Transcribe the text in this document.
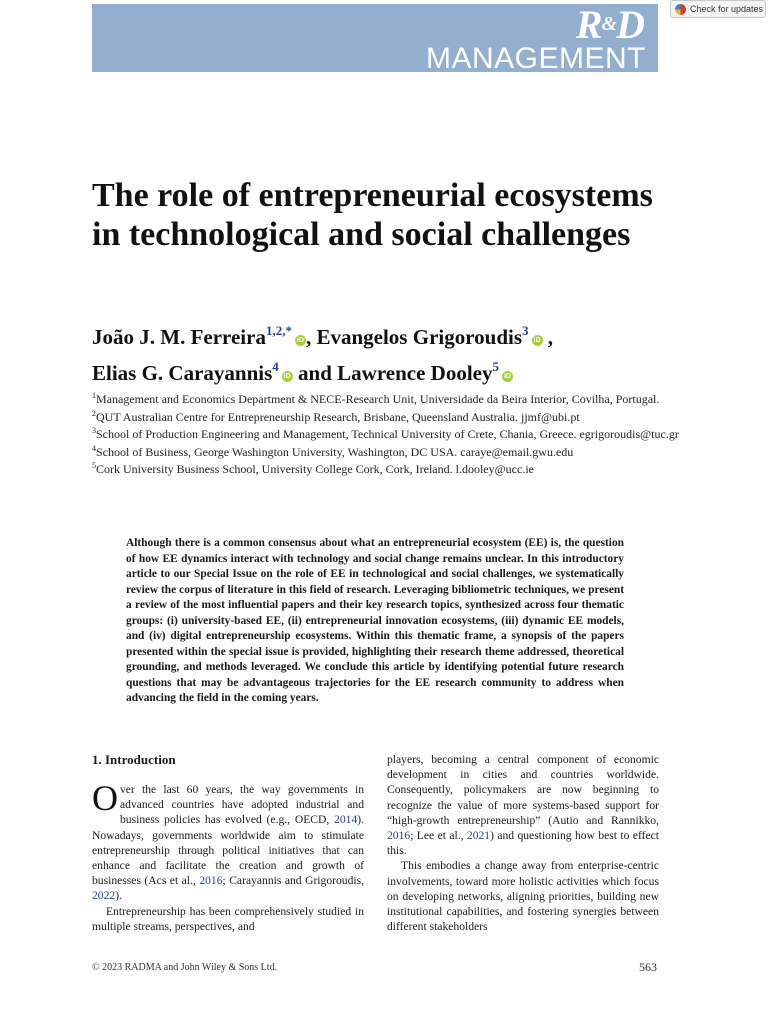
R&D
MANAGEMENT
Check for updates
The role of entrepreneurial ecosystems in technological and social challenges
João J. M. Ferreira$^{1,2,*}$iD, Evangelos Grigoroudis$^3$iD ,
Elias G. Carayannis$^4$iD and Lawrence Dooley$^5$iD

$^1$Management and Economics Department & NECE-Research Unit, Universidade da Beira Interior, Covilha, Portugal.

$^2$QUT Australian Centre for Entrepreneurship Research, Brisbane, Queensland Australia. jjmf@ubi.pt

$^3$School of Production Engineering and Management, Technical University of Crete, Chania, Greece. egrigoroudis@tuc.gr

$^4$School of Business, George Washington University, Washington, DC USA. caraye@email.gwu.edu

$^5$Cork University Business School, University College Cork, Cork, Ireland. l.dooley@ucc.ie

Although there is a common consensus about what an entrepreneurial ecosystem (EE) is, the question of how EE dynamics interact with technology and social change remains unclear. In this introductory article to our Special Issue on the role of EE in technological and social challenges, we systematically review the corpus of literature in this field of research. Leveraging bibliometric techniques, we present a review of the most influential papers and their key research topics, synthesized across four thematic groups: (i) university-based EE, (ii) entrepreneurial innovation ecosystems, (iii) dynamic EE models, and (iv) digital entrepreneurship ecosystems. Within this thematic frame, a synopsis of the papers presented within the special issue is provided, highlighting their research theme addressed, theoretical grounding, and methods leveraged. We conclude this article by identifying potential future research questions that may be advantageous trajectories for the EE research community to address when advancing the field in the coming years.

1. Introduction

Over the last 60 years, the way governments in advanced countries have adopted industrial and business policies has evolved (e.g., OECD, 2014). Nowadays, governments worldwide aim to stimulate entrepreneurship through political initiatives that can enhance and facilitate the creation and growth of businesses (Acs et al., 2016; Carayannis and Grigoroudis, 2022).

Entrepreneurship has been comprehensively studied in multiple streams, perspectives, and

players, becoming a central component of economic development in cities and countries worldwide. Consequently, policymakers are now beginning to recognize the value of more systems-based support for “high-growth entrepreneurship” (Autio and Rannikko, 2016; Lee et al., 2021) and questioning how best to effect this.

This embodies a change away from enterprise-centric involvements, toward more holistic activities which focus on developing networks, aligning priorities, building new institutional capabilities, and fostering synergies between different stakeholders

© 2023 RADMA and John Wiley & Sons Ltd.	563
